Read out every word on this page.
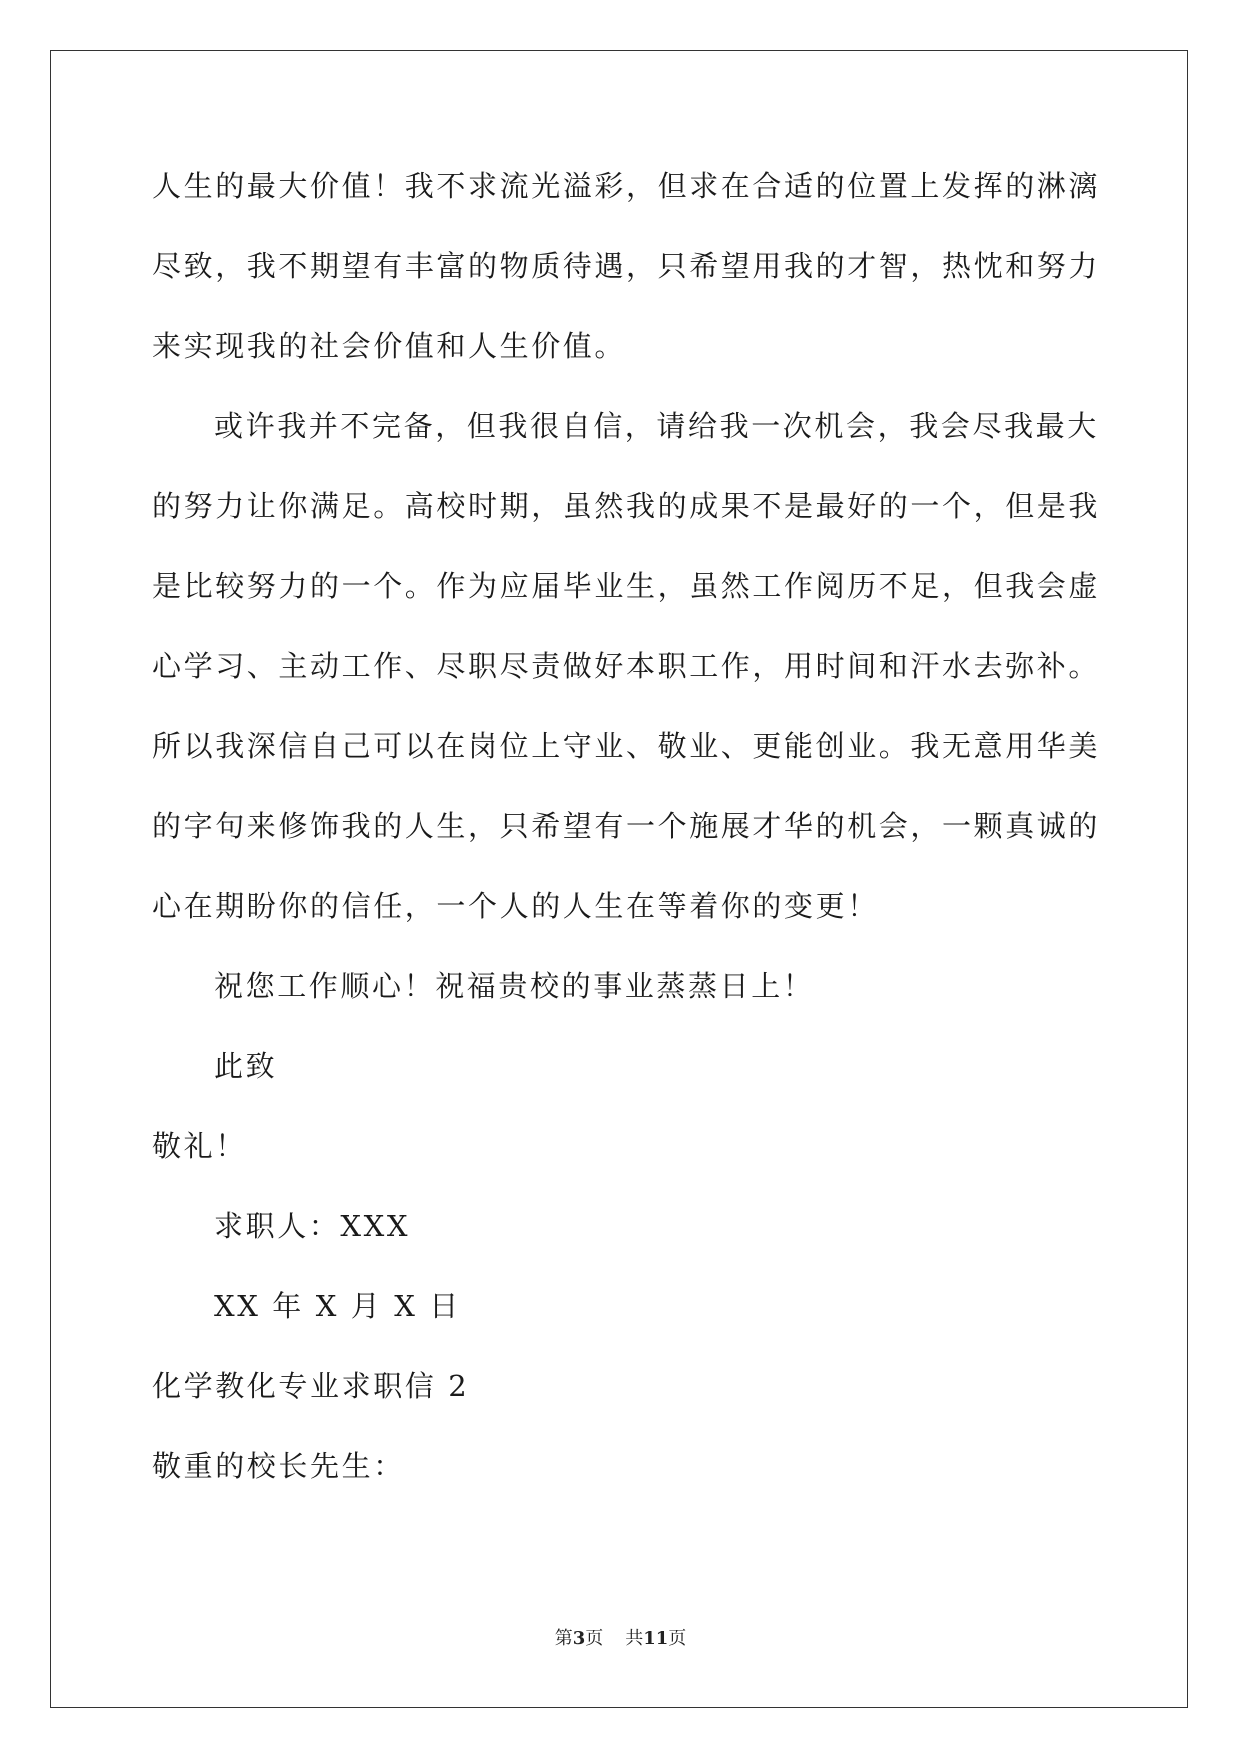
人生的最大价值！我不求流光溢彩，但求在合适的位置上发挥的淋漓
尽致，我不期望有丰富的物质待遇，只希望用我的才智，热忱和努力
来实现我的社会价值和人生价值。
或许我并不完备，但我很自信，请给我一次机会，我会尽我最大
的努力让你满足。高校时期，虽然我的成果不是最好的一个，但是我
是比较努力的一个。作为应届毕业生，虽然工作阅历不足，但我会虚
心学习、主动工作、尽职尽责做好本职工作，用时间和汗水去弥补。
所以我深信自己可以在岗位上守业、敬业、更能创业。我无意用华美
的字句来修饰我的人生，只希望有一个施展才华的机会，一颗真诚的
心在期盼你的信任，一个人的人生在等着你的变更！
祝您工作顺心！祝福贵校的事业蒸蒸日上！
此致
敬礼！
求职人：XXX
XX 年 X 月 X 日
化学教化专业求职信 2
敬重的校长先生：
第3页 共11页
